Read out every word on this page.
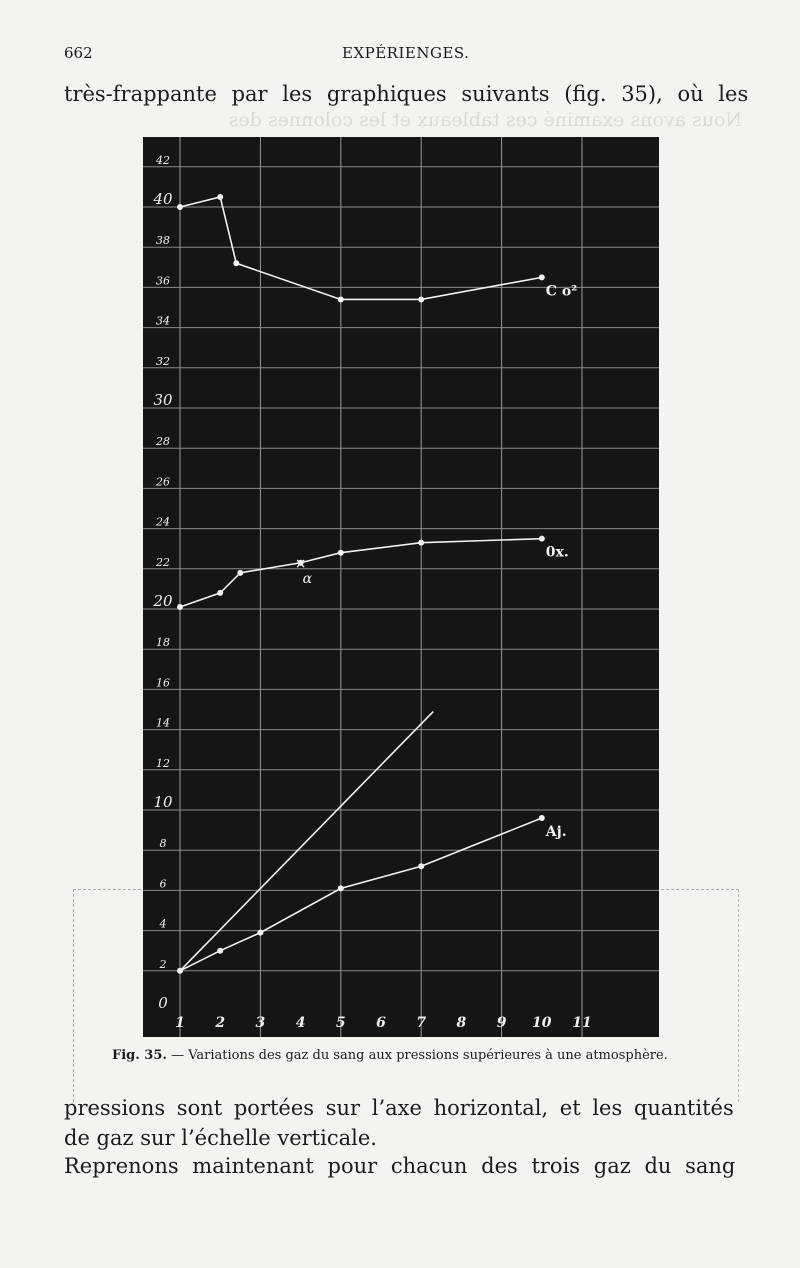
Nous avons examiné ces tableaux et les colonnes des
662	EXPÉRIENGES.
très-frappante par les graphiques suivants (fig. 35), où les
0
2
4
6
8
10
12
14
16
18
20
22
24
26
28
30
32
34
36
38
40
42
1 2 3 4 5 6 7 8 9 10 11
C o²
0x.
Aj.
×
α
Fig. 35. — Variations des gaz du sang aux pressions supérieures à une atmosphère.
pressions sont portées sur l’axe horizontal, et les quantités
de gaz sur l’échelle verticale.
Reprenons maintenant pour chacun des trois gaz du sang
